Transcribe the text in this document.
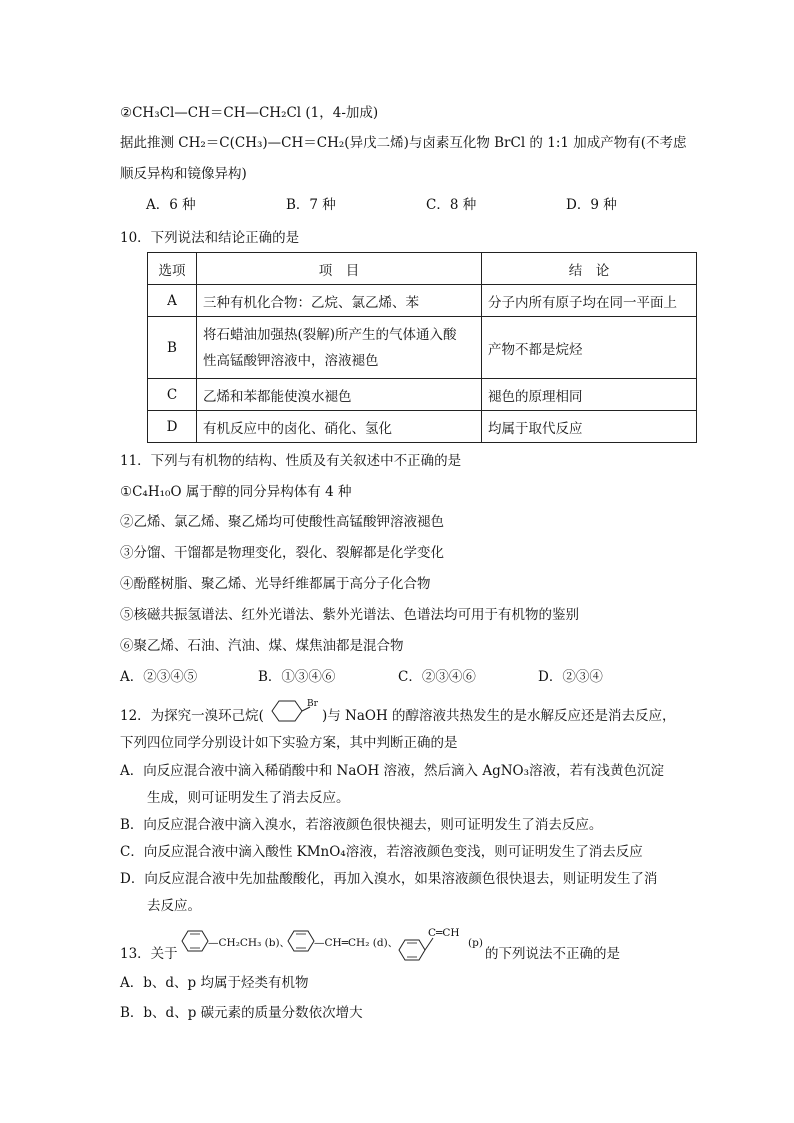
②CH₃Cl—CH＝CH—CH₂Cl (1，4-加成)
据此推测 CH₂＝C(CH₃)—CH＝CH₂(异戊二烯)与卤素互化物 BrCl 的 1:1 加成产物有(不考虑
顺反异构和镜像异构)
A．6 种	B．7 种	C．8 种	D．9 种
10．下列说法和结论正确的是
选项	项　目	结　论
A	三种有机化合物：乙烷、氯乙烯、苯	分子内所有原子均在同一平面上
B	将石蜡油加强热(裂解)所产生的气体通入酸
性高锰酸钾溶液中，溶液褪色	产物不都是烷烃
C	乙烯和苯都能使溴水褪色	褪色的原理相同
D	有机反应中的卤化、硝化、氢化	均属于取代反应
11．下列与有机物的结构、性质及有关叙述中不正确的是
①C₄H₁₀O 属于醇的同分异构体有 4 种
②乙烯、氯乙烯、聚乙烯均可使酸性高锰酸钾溶液褪色
③分馏、干馏都是物理变化，裂化、裂解都是化学变化
④酚醛树脂、聚乙烯、光导纤维都属于高分子化合物
⑤核磁共振氢谱法、红外光谱法、紫外光谱法、色谱法均可用于有机物的鉴别
⑥聚乙烯、石油、汽油、煤、煤焦油都是混合物
A．②③④⑤	B．①③④⑥	C．②③④⑥	D．②③④
12．为探究一溴环己烷(
Br
)与 NaOH 的醇溶液共热发生的是水解反应还是消去反应，
下列四位同学分别设计如下实验方案，其中判断正确的是
A．向反应混合液中滴入稀硝酸中和 NaOH 溶液，然后滴入 AgNO₃溶液，若有浅黄色沉淀
生成，则可证明发生了消去反应。
B．向反应混合液中滴入溴水，若溶液颜色很快褪去，则可证明发生了消去反应。
C．向反应混合液中滴入酸性 KMnO₄溶液，若溶液颜色变浅，则可证明发生了消去反应
D．向反应混合液中先加盐酸酸化，再加入溴水，如果溶液颜色很快退去，则证明发生了消
去反应。
13．关于
—CH₂CH₃ (b)、 —CH═CH₂ (d)、
C═CH
(p)
的下列说法不正确的是
A．b、d、p 均属于烃类有机物
B．b、d、p 碳元素的质量分数依次增大
